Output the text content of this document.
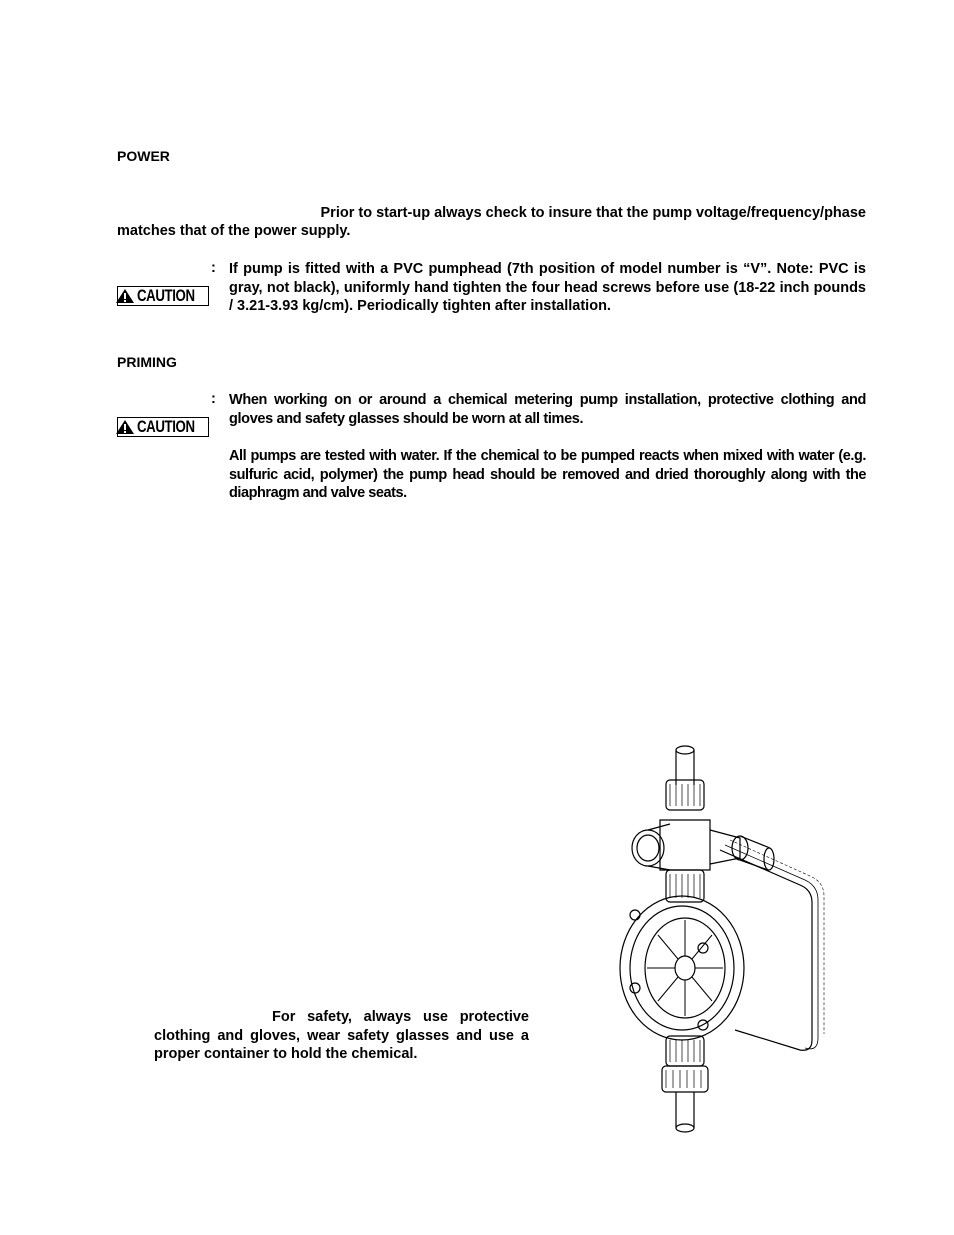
POWER
Prior to start-up always check to insure that the pump voltage/frequency/phase
matches that of the power supply.
:
CAUTION
If pump is fitted with a PVC pumphead (7th position of model number is “V”. Note: PVC is gray, not black), uniformly hand tighten the four head screws before use (18-22 inch pounds / 3.21-3.93 kg/cm). Periodically tighten after installation.
PRIMING
:
CAUTION
When working on or around a chemical metering pump installation, protective clothing and gloves and safety glasses should be worn at all times.
All pumps are tested with water. If the chemical to be pumped reacts when mixed with water (e.g. sulfuric acid, polymer) the pump head should be removed and dried thoroughly along with the diaphragm and valve seats.
For safety, always use protective
clothing and gloves, wear safety glasses and use a
proper container to hold the chemical.
